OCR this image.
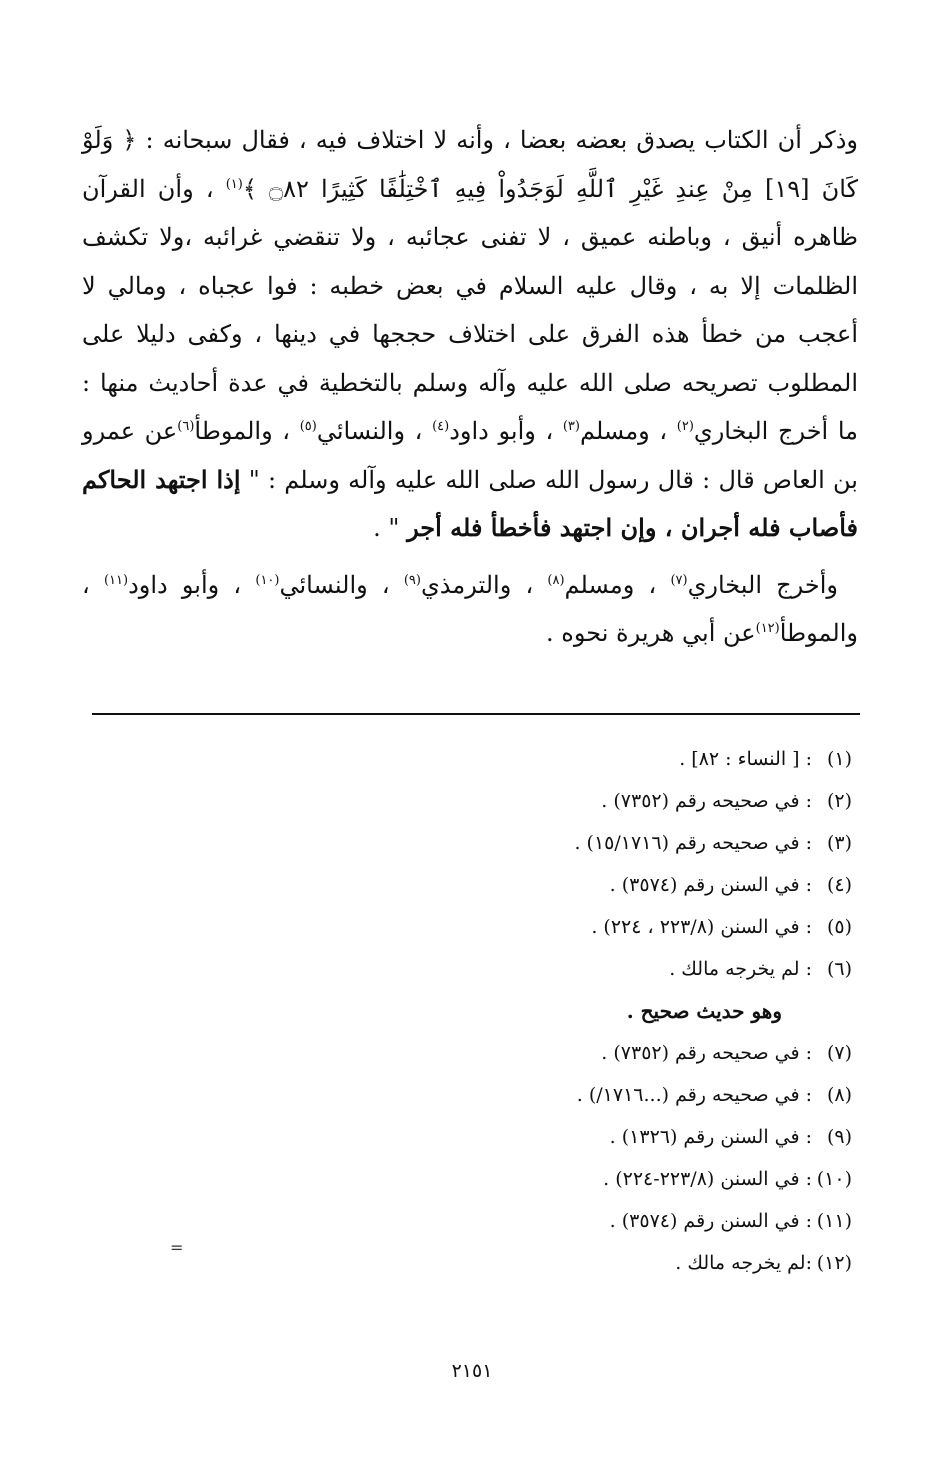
وذكر أن الكتاب يصدق بعضه بعضا ، وأنه لا اختلاف فيه ، فقال سبحانه : ﴿ وَلَوْ كَانَ [١٩] مِنْ عِندِ غَيْرِ ٱللَّهِ لَوَجَدُواْ فِيهِ ٱخْتِلَٰفًا كَثِيرًا ۝٨٢ ﴾$^{(١)}$ ، وأن القرآن ظاهره أنيق ، وباطنه عميق ، لا تفنى عجائبه ، ولا تنقضي غرائبه ،ولا تكشف الظلمات إلا به ، وقال عليه السلام في بعض خطبه : فوا عجباه ، ومالي لا أعجب من خطأ هذه الفرق على اختلاف حججها في دينها ، وكفى دليلا على المطلوب تصريحه صلى الله عليه وآله وسلم بالتخطية في عدة أحاديث منها : ما أخرج البخاري$^{(٢)}$ ، ومسلم$^{(٣)}$ ، وأبو داود$^{(٤)}$ ، والنسائي$^{(٥)}$ ، والموطأ$^{(٦)}$عن عمرو بن العاص قال : قال رسول الله صلى الله عليه وآله وسلم : " إذا اجتهد الحاكم فأصاب فله أجران ، وإن اجتهد فأخطأ فله أجر " .

وأخرج البخاري$^{(٧)}$ ، ومسلم$^{(٨)}$ ، والترمذي$^{(٩)}$ ، والنسائي$^{(١٠)}$ ، وأبو داود$^{(١١)}$ ، والموطأ$^{(١٢)}$عن أبي هريرة نحوه .

(١): [ النساء : ٨٢] .
(٢): في صحيحه رقم (٧٣٥٢) .
(٣): في صحيحه رقم (١٥/١٧١٦) .
(٤): في السنن رقم (٣٥٧٤) .
(٥): في السنن (٢٢٣/٨ ، ٢٢٤) .
(٦): لم يخرجه مالك .
وهو حديث صحيح .
(٧): في صحيحه رقم (٧٣٥٢) .
(٨): في صحيحه رقم (...١٧١٦/) .
(٩): في السنن رقم (١٣٢٦) .
(١٠): في السنن (٢٢٣/٨-٢٢٤) .
(١١): في السنن رقم (٣٥٧٤) .
(١٢):لم يخرجه مالك .
=
٢١٥١
